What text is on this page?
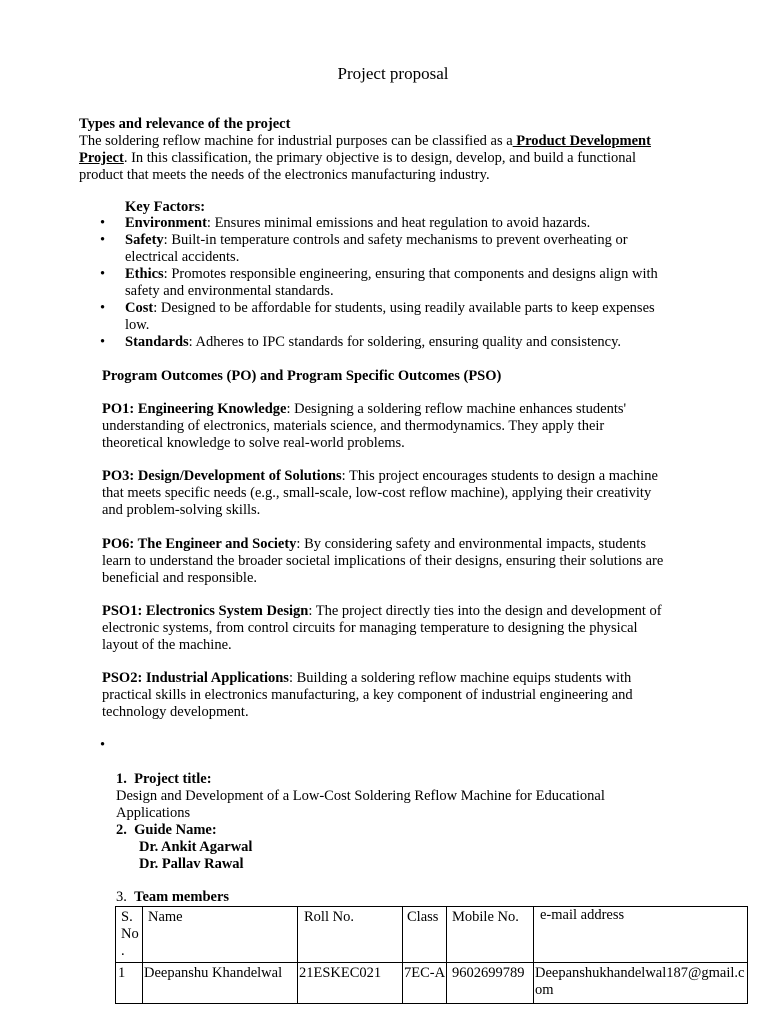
Project proposal
Types and relevance of the project
The soldering reflow machine for industrial purposes can be classified as a Product Development
Project. In this classification, the primary objective is to design, develop, and build a functional
product that meets the needs of the electronics manufacturing industry.
Key Factors:
• Environment: Ensures minimal emissions and heat regulation to avoid hazards.
• Safety: Built-in temperature controls and safety mechanisms to prevent overheating or
electrical accidents.
• Ethics: Promotes responsible engineering, ensuring that components and designs align with
safety and environmental standards.
• Cost: Designed to be affordable for students, using readily available parts to keep expenses
low.
• Standards: Adheres to IPC standards for soldering, ensuring quality and consistency.
Program Outcomes (PO) and Program Specific Outcomes (PSO)
PO1: Engineering Knowledge: Designing a soldering reflow machine enhances students'
understanding of electronics, materials science, and thermodynamics. They apply their
theoretical knowledge to solve real-world problems.
PO3: Design/Development of Solutions: This project encourages students to design a machine
that meets specific needs (e.g., small-scale, low-cost reflow machine), applying their creativity
and problem-solving skills.
PO6: The Engineer and Society: By considering safety and environmental impacts, students
learn to understand the broader societal implications of their designs, ensuring their solutions are
beneficial and responsible.
PSO1: Electronics System Design: The project directly ties into the design and development of
electronic systems, from control circuits for managing temperature to designing the physical
layout of the machine.
PSO2: Industrial Applications: Building a soldering reflow machine equips students with
practical skills in electronics manufacturing, a key component of industrial engineering and
technology development.
•
1. Project title:
Design and Development of a Low-Cost Soldering Reflow Machine for Educational
Applications
2. Guide Name:
Dr. Ankit Agarwal
Dr. Pallav Rawal
3. Team members
S. No .	Name	Roll No.	Class	Mobile No.	e-mail address
1	Deepanshu Khandelwal	21ESKEC021	7EC-A	9602699789	Deepanshukhandelwal187@gmail.com
